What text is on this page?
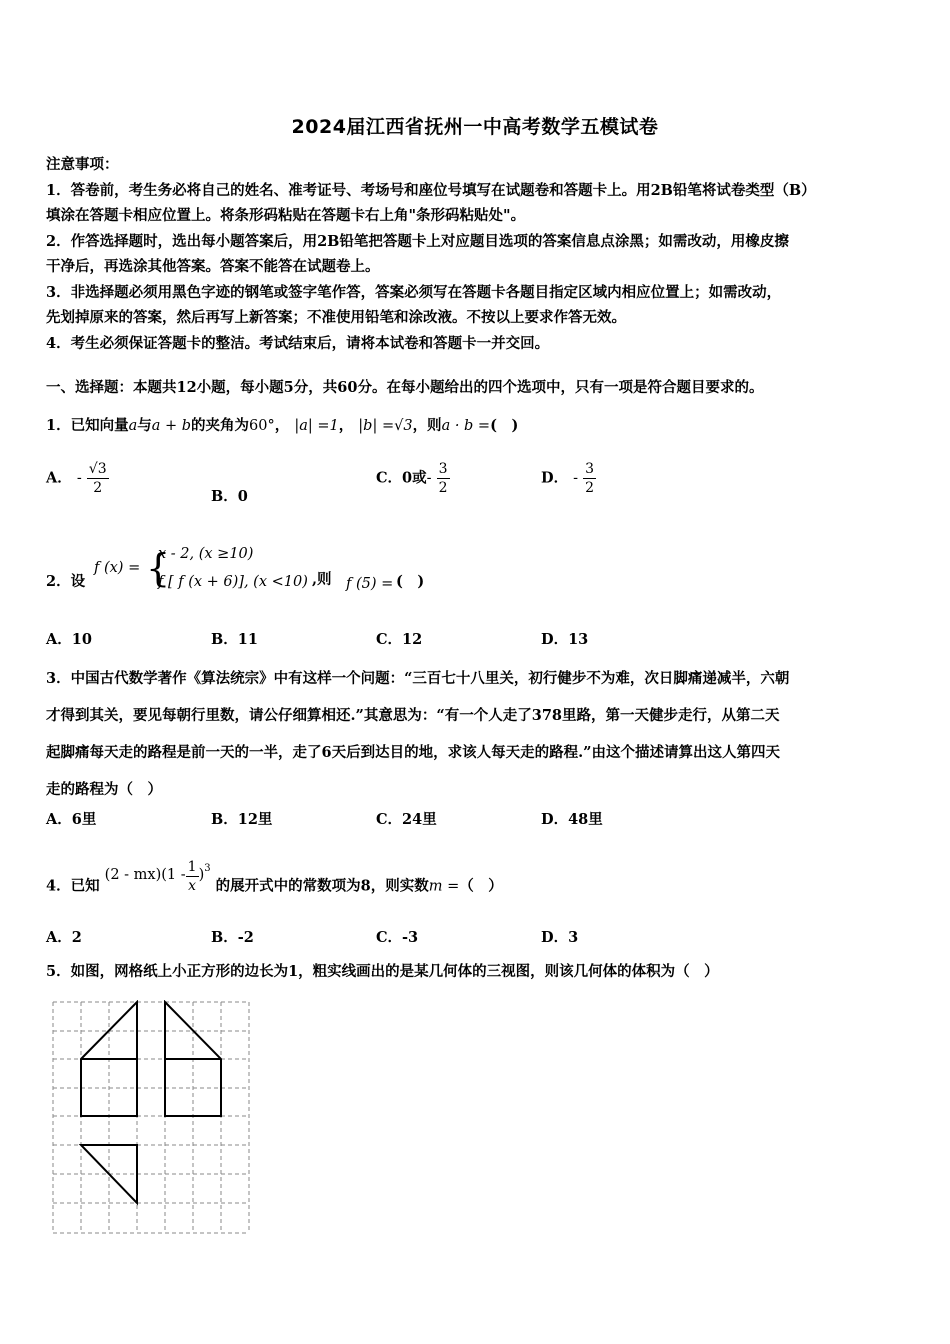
2024届江西省抚州一中高考数学五模试卷

注意事项：

1．答卷前，考生务必将自己的姓名、准考证号、考场号和座位号填写在试题卷和答题卡上。用2B铅笔将试卷类型（B）

填涂在答题卡相应位置上。将条形码粘贴在答题卡右上角"条形码粘贴处"。

2．作答选择题时，选出每小题答案后，用2B铅笔把答题卡上对应题目选项的答案信息点涂黑；如需改动，用橡皮擦

干净后，再选涂其他答案。答案不能答在试题卷上。

3．非选择题必须用黑色字迹的钢笔或签字笔作答，答案必须写在答题卡各题目指定区域内相应位置上；如需改动，

先划掉原来的答案，然后再写上新答案；不准使用铅笔和涂改液。不按以上要求作答无效。

4．考生必须保证答题卡的整洁。考试结束后，请将本试卷和答题卡一并交回。

一、选择题：本题共12小题，每小题5分，共60分。在每小题给出的四个选项中，只有一项是符合题目要求的。
1．已知向量a与a + b的夹角为60°， |a| =1， |b| =√3，则a · b =(　)
A． - $\frac{√3}{2}$	B．0
C．0或- $\frac{3}{2}$	D． - $\frac{3}{2}$
2．设
f (x) = {
x - 2, (x ≥10)
f [ f (x + 6)], (x <10) ,则 f (5) = (　)
A．10	B．11	C．12	D．13

3．中国古代数学著作《算法统宗》中有这样一个问题：“三百七十八里关，初行健步不为难，次日脚痛递减半，六朝

才得到其关，要见每朝行里数，请公仔细算相还.”其意思为：“有一个人走了378里路，第一天健步走行，从第二天

起脚痛每天走的路程是前一天的一半，走了6天后到达目的地，求该人每天走的路程.”由这个描述请算出这人第四天

走的路程为（　）

A．6里	B．12里	C．24里	D．48里
4．已知 $(2 - mx)(1 - \frac{1}{x} )^3$ 的展开式中的常数项为8，则实数m =（　）
A．2	B．-2	C．-3	D．3
5．如图，网格纸上小正方形的边长为1，粗实线画出的是某几何体的三视图，则该几何体的体积为（　）
